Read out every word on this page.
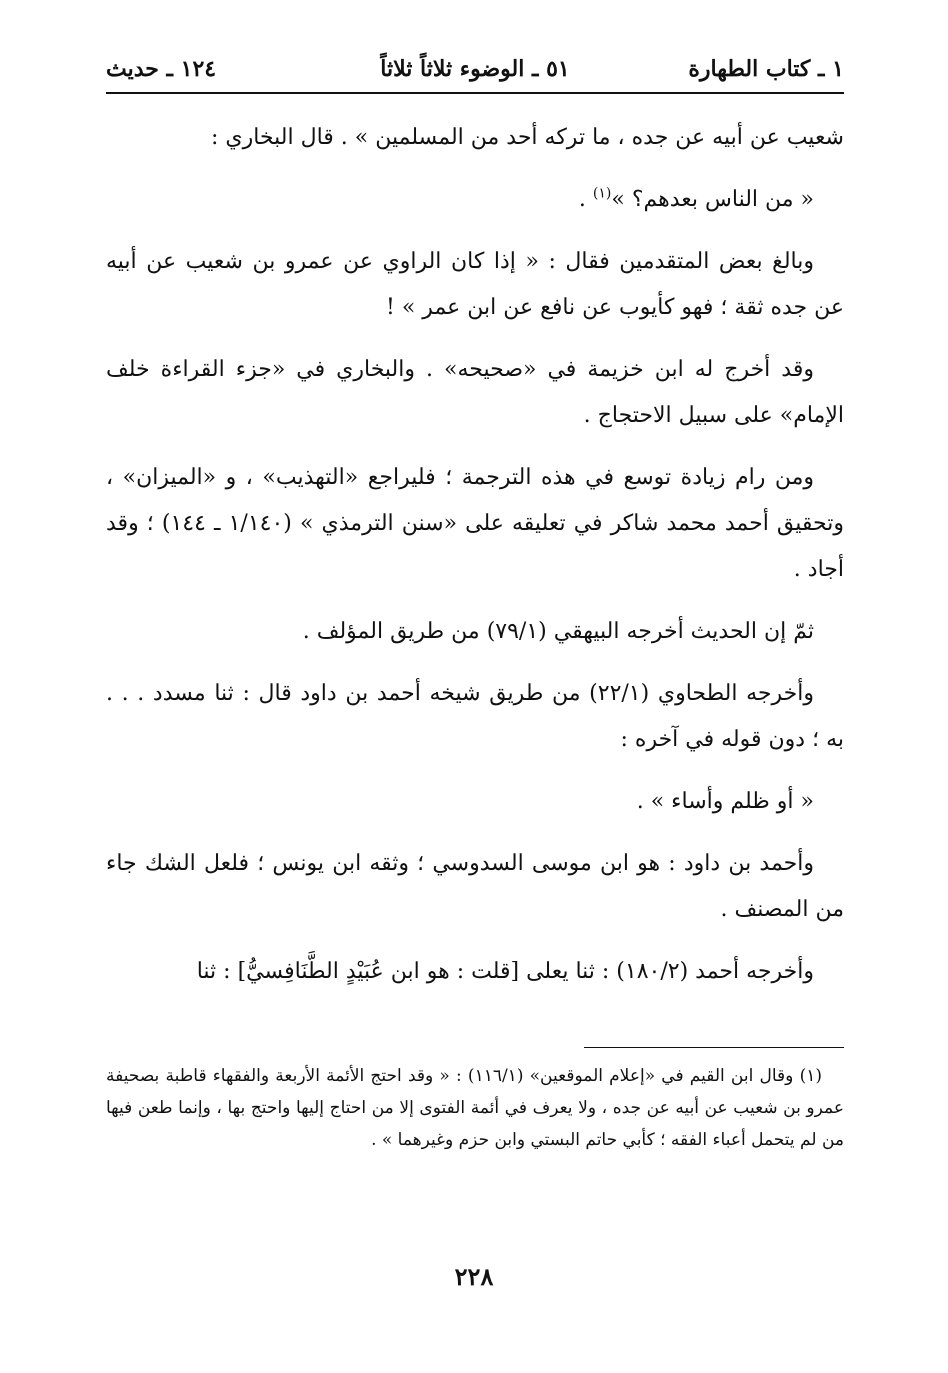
١ ـ كتاب الطهارة
٥١ ـ الوضوء ثلاثاً ثلاثاً
١٢٤ ـ حديث

شعيب عن أبيه عن جده ، ما تركه أحد من المسلمين » . قال البخاري :

« من الناس بعدهم؟ »$^{(١)}$ .

وبالغ بعض المتقدمين فقال : « إذا كان الراوي عن عمرو بن شعيب عن أبيه عن جده ثقة ؛ فهو كأيوب عن نافع عن ابن عمر » !

وقد أخرج له ابن خزيمة في «صحيحه» . والبخاري في «جزء القراءة خلف الإمام» على سبيل الاحتجاج .

ومن رام زيادة توسع في هذه الترجمة ؛ فليراجع «التهذيب» ، و «الميزان» ، وتحقيق أحمد محمد شاكر في تعليقه على «سنن الترمذي » (١/١٤٠ ـ ١٤٤) ؛ وقد أجاد .

ثمّ إن الحديث أخرجه البيهقي (٧٩/١) من طريق المؤلف .

وأخرجه الطحاوي (٢٢/١) من طريق شيخه أحمد بن داود قال : ثنا مسدد . . . به ؛ دون قوله في آخره :

« أو ظلم وأساء » .

وأحمد بن داود : هو ابن موسى السدوسي ؛ وثقه ابن يونس ؛ فلعل الشك جاء من المصنف .

وأخرجه أحمد (١٨٠/٢) : ثنا يعلى [قلت : هو ابن عُبَيْدٍ الطَّنَافِسيُّ] : ثنا

(١) وقال ابن القيم في «إعلام الموقعين» (١١٦/١) : « وقد احتج الأئمة الأربعة والفقهاء قاطبة بصحيفة عمرو بن شعيب عن أبيه عن جده ، ولا يعرف في أئمة الفتوى إلا من احتاج إليها واحتج بها ، وإنما طعن فيها من لم يتحمل أعباء الفقه ؛ كأبي حاتم البستي وابن حزم وغيرهما » .

٢٢٨
